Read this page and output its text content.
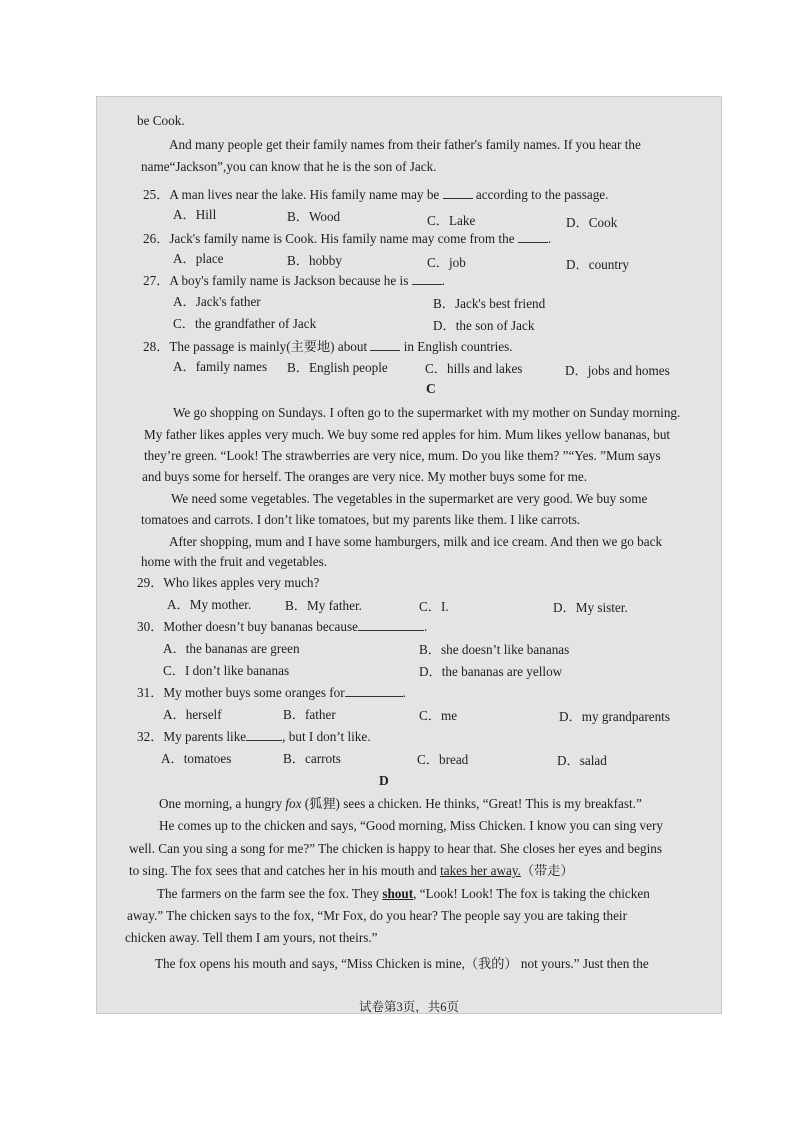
be Cook.
And many people get their family names from their father's family names. If you hear the
name“Jackson”,you can know that he is the son of Jack.
25．A man lives near the lake. His family name may be	according to the passage.
A．Hill	B．Wood	C．Lake	D．Cook
26．Jack's family name is Cook. His family name may come from the	.
A．place	B．hobby	C．job	D．country
27．A boy's family name is Jackson because he is	.
A．Jack's father	B．Jack's best friend
C．the grandfather of Jack	D．the son of Jack
28．The passage is mainly(主要地) about	in English countries.
A．family names B．English people	C．hills and lakes	D．jobs and homes
C
We go shopping on Sundays. I often go to the supermarket with my mother on Sunday morning.
My father likes apples very much. We buy some red apples for him. Mum likes yellow bananas, but
they’re green. “Look! The strawberries are very nice, mum. Do you like them? ”“Yes. ”Mum says
and buys some for herself. The oranges are very nice. My mother buys some for me.
We need some vegetables. The vegetables in the supermarket are very good. We buy some
tomatoes and carrots. I don’t like tomatoes, but my parents like them. I like carrots.
After shopping, mum and I have some hamburgers, milk and ice cream. And then we go back
home with the fruit and vegetables.
29．Who likes apples very much?
A．My mother.	B．My father.	C．I.	D．My sister.
30．Mother doesn’t buy bananas because	.
A．the bananas are green	B．she doesn’t like bananas
C．I don’t like bananas	D．the bananas are yellow
31．My mother buys some oranges for	.
A．herself	B．father	C．me	D．my grandparents
32．My parents like	, but I don’t like.
A．tomatoes	B．carrots	C．bread	D．salad
D
One morning, a hungry fox (狐狸) sees a chicken. He thinks, “Great! This is my breakfast.”
He comes up to the chicken and says, “Good morning, Miss Chicken. I know you can sing very
well. Can you sing a song for me?” The chicken is happy to hear that. She closes her eyes and begins
to sing. The fox sees that and catches her in his mouth and takes her away.（带走）
The farmers on the farm see the fox. They shout, “Look! Look! The fox is taking the chicken
away.” The chicken says to the fox, “Mr Fox, do you hear? The people say you are taking their
chicken away. Tell them I am yours, not theirs.”
The fox opens his mouth and says, “Miss Chicken is mine,（我的） not yours.” Just then the
试卷第3页，共6页
